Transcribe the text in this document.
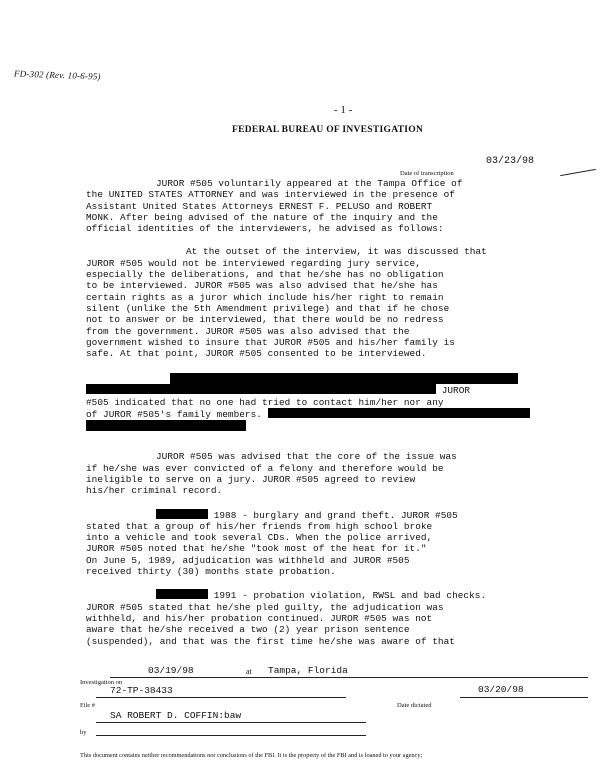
FD-302 (Rev. 10-6-95)
- 1 -
FEDERAL BUREAU OF INVESTIGATION
03/23/98
Date of transcription

JUROR #505 voluntarily appeared at the Tampa Office of

the UNITED STATES ATTORNEY and was interviewed in the presence of

Assistant United States Attorneys ERNEST F. PELUSO and ROBERT

MONK. After being advised of the nature of the inquiry and the

official identities of the interviewers, he advised as follows:

At the outset of the interview, it was discussed that

JUROR #505 would not be interviewed regarding jury service,

especially the deliberations, and that he/she has no obligation

to be interviewed. JUROR #505 was also advised that he/she has

certain rights as a juror which include his/her right to remain

silent (unlike the 5th Amendment privilege) and that if he chose

not to answer or be interviewed, that there would be no redress

from the government. JUROR #505 was also advised that the

government wished to insure that JUROR #505 and his/her family is

safe. At that point, JUROR #505 consented to be interviewed.

JUROR

#505 indicated that no one had tried to contact him/her nor any

of JUROR #505's family members.

JUROR #505 was advised that the core of the issue was

if he/she was ever convicted of a felony and therefore would be

ineligible to serve on a jury. JUROR #505 agreed to review

his/her criminal record.

1988 - burglary and grand theft. JUROR #505

stated that a group of his/her friends from high school broke

into a vehicle and took several CDs. When the police arrived,

JUROR #505 noted that he/she "took most of the heat for it."

On June 5, 1989, adjudication was withheld and JUROR #505

received thirty (30) months state probation.

1991 - probation violation, RWSL and bad checks.

JUROR #505 stated that he/she pled guilty, the adjudication was

withheld, and his/her probation continued. JUROR #505 was not

aware that he/she received a two (2) year prison sentence

(suspended), and that was the first time he/she was aware of that

03/19/98	at Tampa, Florida
Investigation on
72-TP-38433	03/20/98
File #	Date dictated
SA ROBERT D. COFFIN:baw
by
This document contains neither recommendations nor conclusions of the FBI. It is the property of the FBI and is loaned to your agency;
